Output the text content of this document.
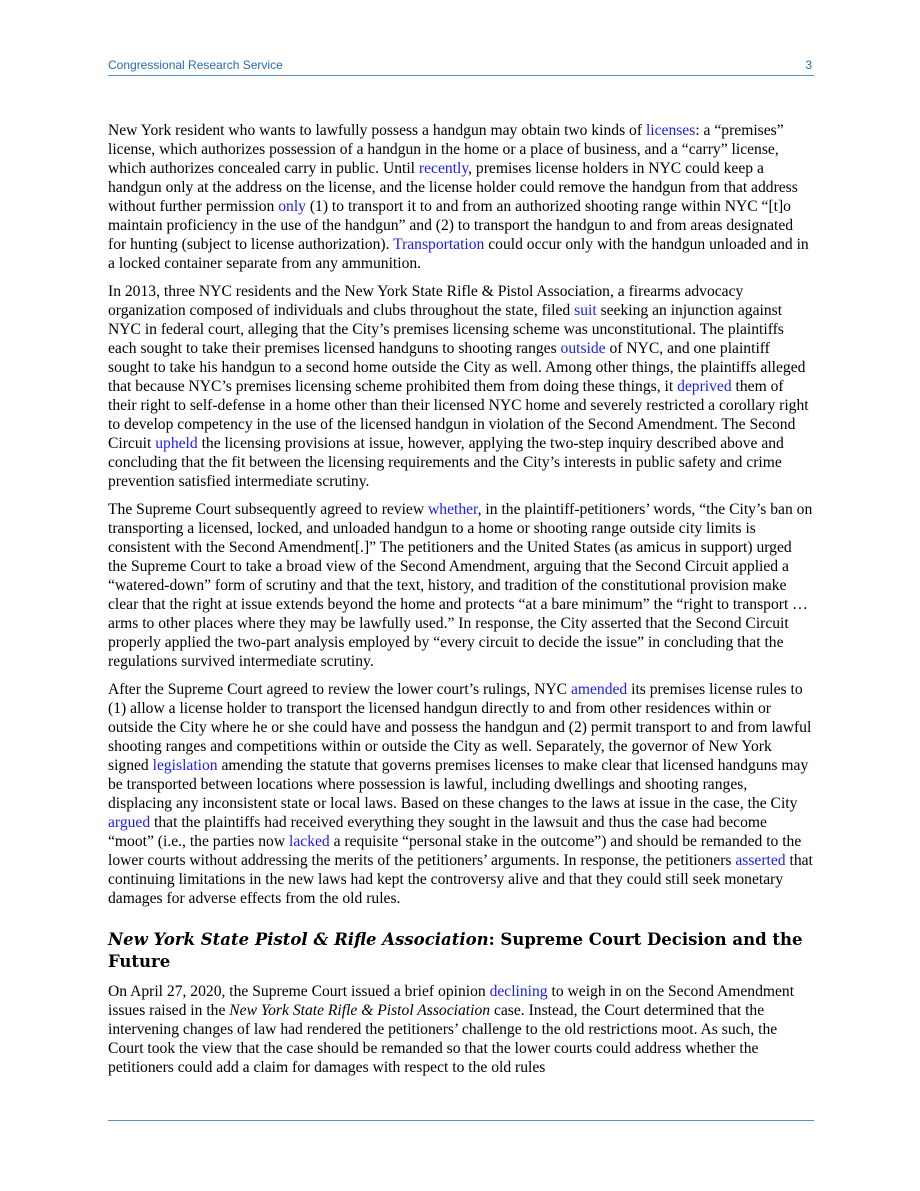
Congressional Research Service	3

New York resident who wants to lawfully possess a handgun may obtain two kinds of licenses: a “premises” license, which authorizes possession of a handgun in the home or a place of business, and a “carry” license, which authorizes concealed carry in public. Until recently, premises license holders in NYC could keep a handgun only at the address on the license, and the license holder could remove the handgun from that address without further permission only (1) to transport it to and from an authorized shooting range within NYC “[t]o maintain proficiency in the use of the handgun” and (2) to transport the handgun to and from areas designated for hunting (subject to license authorization). Transportation could occur only with the handgun unloaded and in a locked container separate from any ammunition.

In 2013, three NYC residents and the New York State Rifle & Pistol Association, a firearms advocacy organization composed of individuals and clubs throughout the state, filed suit seeking an injunction against NYC in federal court, alleging that the City’s premises licensing scheme was unconstitutional. The plaintiffs each sought to take their premises licensed handguns to shooting ranges outside of NYC, and one plaintiff sought to take his handgun to a second home outside the City as well. Among other things, the plaintiffs alleged that because NYC’s premises licensing scheme prohibited them from doing these things, it deprived them of their right to self-defense in a home other than their licensed NYC home and severely restricted a corollary right to develop competency in the use of the licensed handgun in violation of the Second Amendment. The Second Circuit upheld the licensing provisions at issue, however, applying the two-step inquiry described above and concluding that the fit between the licensing requirements and the City’s interests in public safety and crime prevention satisfied intermediate scrutiny.

The Supreme Court subsequently agreed to review whether, in the plaintiff-petitioners’ words, “the City’s ban on transporting a licensed, locked, and unloaded handgun to a home or shooting range outside city limits is consistent with the Second Amendment[.]” The petitioners and the United States (as amicus in support) urged the Supreme Court to take a broad view of the Second Amendment, arguing that the Second Circuit applied a “watered-down” form of scrutiny and that the text, history, and tradition of the constitutional provision make clear that the right at issue extends beyond the home and protects “at a bare minimum” the “right to transport … arms to other places where they may be lawfully used.” In response, the City asserted that the Second Circuit properly applied the two-part analysis employed by “every circuit to decide the issue” in concluding that the regulations survived intermediate scrutiny.

After the Supreme Court agreed to review the lower court’s rulings, NYC amended its premises license rules to (1) allow a license holder to transport the licensed handgun directly to and from other residences within or outside the City where he or she could have and possess the handgun and (2) permit transport to and from lawful shooting ranges and competitions within or outside the City as well. Separately, the governor of New York signed legislation amending the statute that governs premises licenses to make clear that licensed handguns may be transported between locations where possession is lawful, including dwellings and shooting ranges, displacing any inconsistent state or local laws. Based on these changes to the laws at issue in the case, the City argued that the plaintiffs had received everything they sought in the lawsuit and thus the case had become “moot” (i.e., the parties now lacked a requisite “personal stake in the outcome”) and should be remanded to the lower courts without addressing the merits of the petitioners’ arguments. In response, the petitioners asserted that continuing limitations in the new laws had kept the controversy alive and that they could still seek monetary damages for adverse effects from the old rules.

New York State Pistol & Rifle Association: Supreme Court Decision and the Future

On April 27, 2020, the Supreme Court issued a brief opinion declining to weigh in on the Second Amendment issues raised in the New York State Rifle & Pistol Association case. Instead, the Court determined that the intervening changes of law had rendered the petitioners’ challenge to the old restrictions moot. As such, the Court took the view that the case should be remanded so that the lower courts could address whether the petitioners could add a claim for damages with respect to the old rules
